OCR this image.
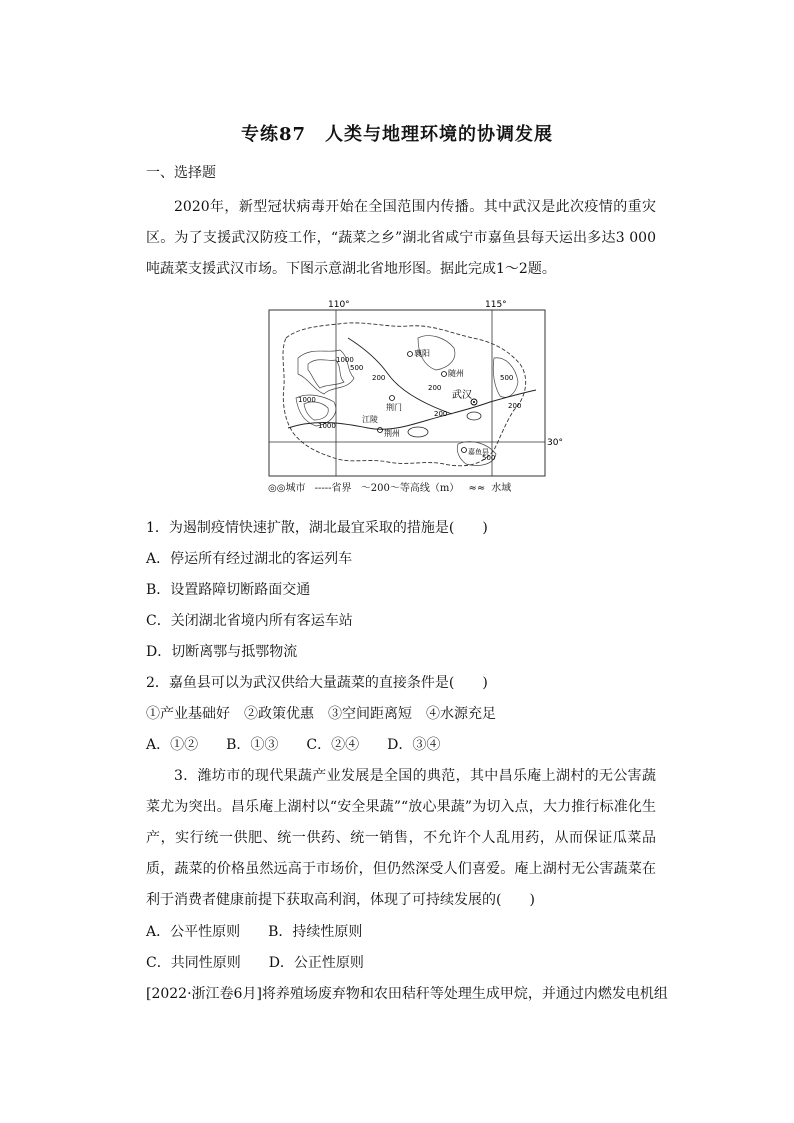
专练87　人类与地理环境的协调发展
一、选择题
2020年，新型冠状病毒开始在全国范围内传播。其中武汉是此次疫情的重灾区。为了支援武汉防疫工作，“蔬菜之乡”湖北省咸宁市嘉鱼县每天运出多达3 000吨蔬菜支援武汉市场。下图示意湖北省地形图。据此完成1～2题。
110°	115°
30°
襄阳
随州
荆门
武汉
江陵
荆州
嘉鱼县
1000
500
200
1000
200
200
500
200
500
1000
◎◎城市 -----省界 ～200～等高线（m） ≈≈ 水域
1．为遏制疫情快速扩散，湖北最宜采取的措施是(　　)
A．停运所有经过湖北的客运列车
B．设置路障切断路面交通
C．关闭湖北省境内所有客运车站
D．切断离鄂与抵鄂物流
2．嘉鱼县可以为武汉供给大量蔬菜的直接条件是(　　)
①产业基础好　②政策优惠　③空间距离短　④水源充足
A．①②　　B．①③　　C．②④　　D．③④
3．潍坊市的现代果蔬产业发展是全国的典范，其中昌乐庵上湖村的无公害蔬菜尤为突出。昌乐庵上湖村以“安全果蔬”“放心果蔬”为切入点，大力推行标准化生产，实行统一供肥、统一供药、统一销售，不允许个人乱用药，从而保证瓜菜品质，蔬菜的价格虽然远高于市场价，但仍然深受人们喜爱。庵上湖村无公害蔬菜在利于消费者健康前提下获取高利润，体现了可持续发展的(　　)
A．公平性原则　　B．持续性原则
C．共同性原则　　D．公正性原则
[2022·浙江卷6月]将养殖场废弃物和农田秸秆等处理生成甲烷，并通过内燃发电机组
